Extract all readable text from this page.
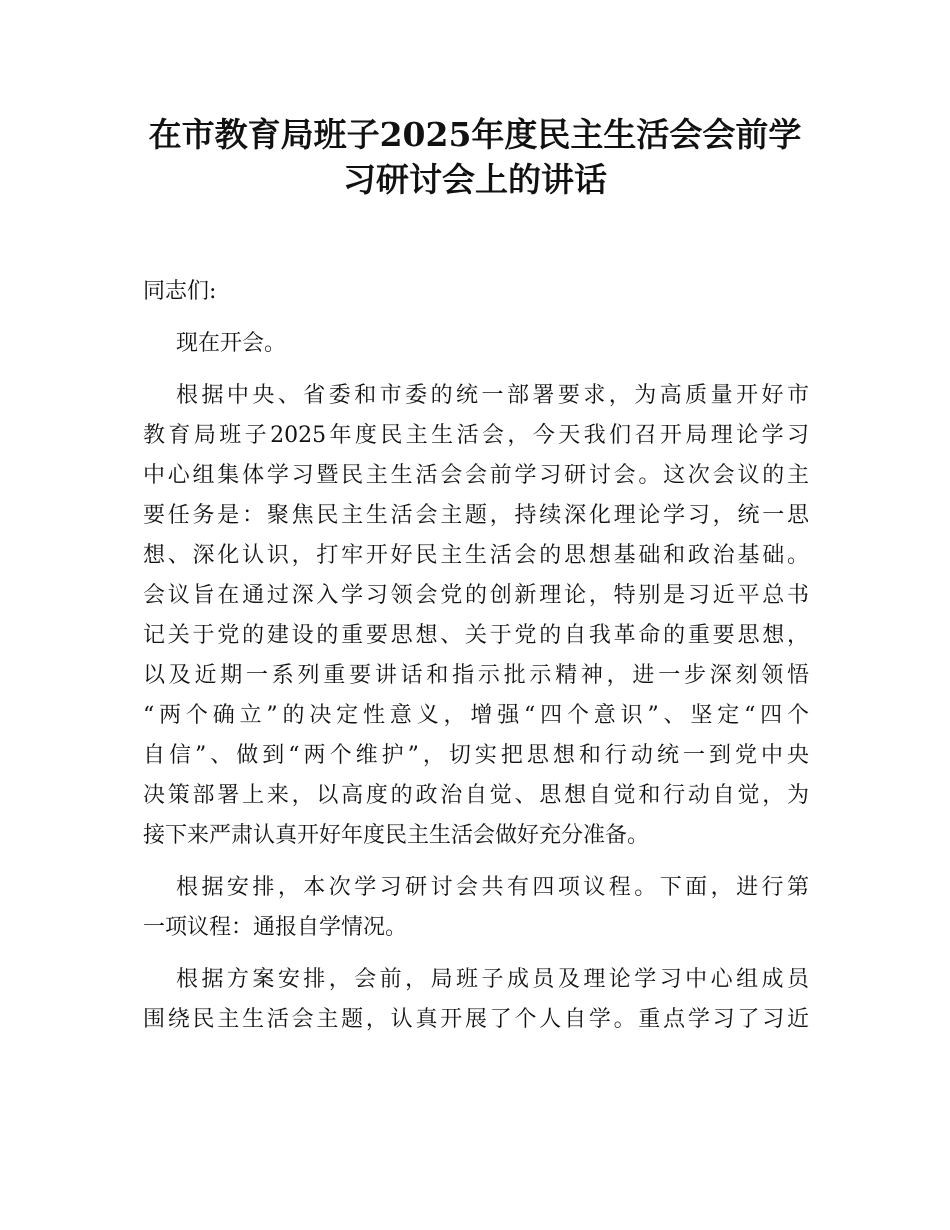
在市教育局班子2025年度民主生活会会前学
习研讨会上的讲话
同志们:
现在开会。
根据中央、省委和市委的统一部署要求，为高质量开好市
教育局班子2025年度民主生活会，今天我们召开局理论学习
中心组集体学习暨民主生活会会前学习研讨会。这次会议的主
要任务是：聚焦民主生活会主题，持续深化理论学习，统一思
想、深化认识，打牢开好民主生活会的思想基础和政治基础。
会议旨在通过深入学习领会党的创新理论，特别是习近平总书
记关于党的建设的重要思想、关于党的自我革命的重要思想，
以及近期一系列重要讲话和指示批示精神，进一步深刻领悟
“两个确立”的决定性意义，增强“四个意识”、坚定“四个
自信”、做到“两个维护”，切实把思想和行动统一到党中央
决策部署上来，以高度的政治自觉、思想自觉和行动自觉，为
接下来严肃认真开好年度民主生活会做好充分准备。
根据安排，本次学习研讨会共有四项议程。下面，进行第
一项议程：通报自学情况。
根据方案安排，会前，局班子成员及理论学习中心组成员
围绕民主生活会主题，认真开展了个人自学。重点学习了习近
